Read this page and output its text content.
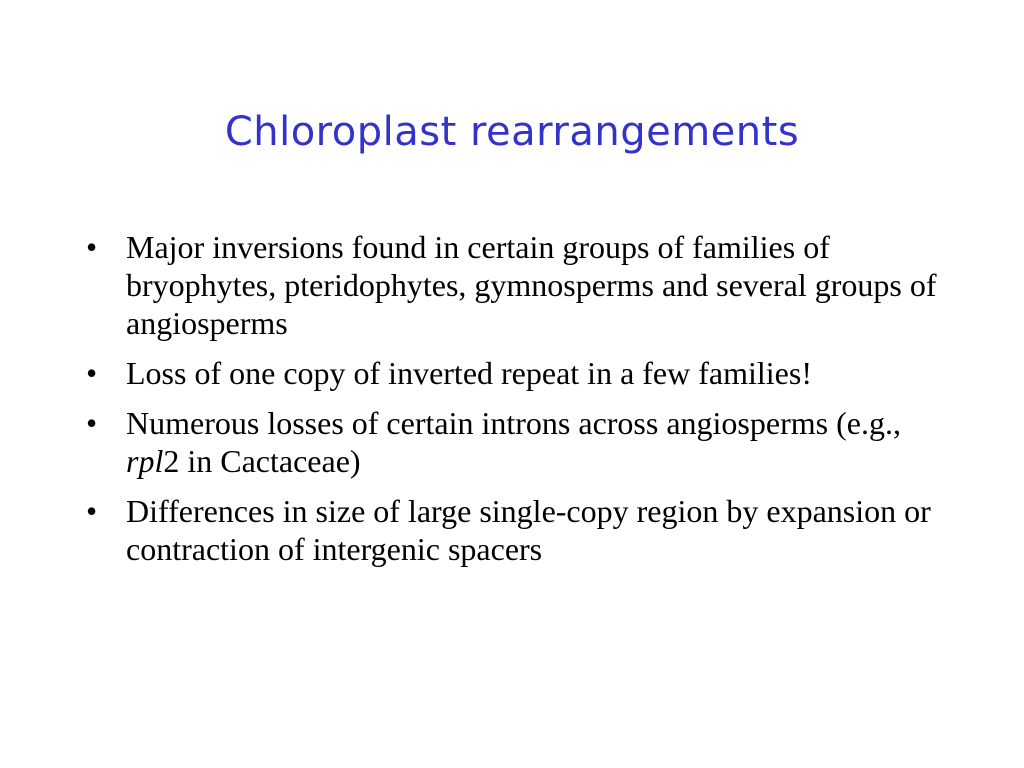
Chloroplast rearrangements
• Major inversions found in certain groups of families of bryophytes, pteridophytes, gymnosperms and several groups of angiosperms
• Loss of one copy of inverted repeat in a few families!
• Numerous losses of certain introns across angiosperms (e.g., rpl2 in Cactaceae)
• Differences in size of large single-copy region by expansion or contraction of intergenic spacers
